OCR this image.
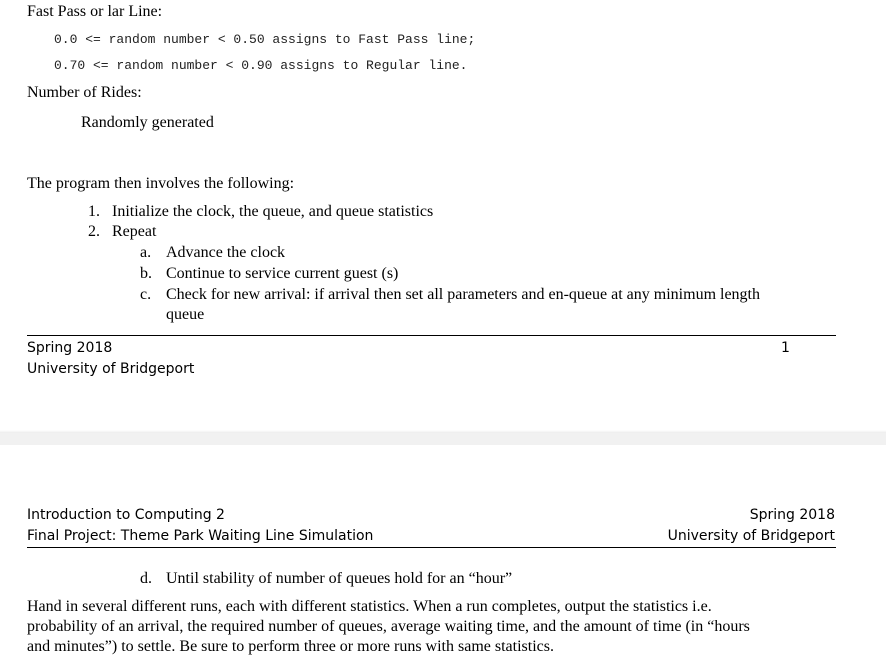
Fast Pass or lar Line:
0.0 <= random number < 0.50 assigns to Fast Pass line;
0.70 <= random number < 0.90 assigns to Regular line.
Number of Rides:
Randomly generated
The program then involves the following:
1. Initialize the clock, the queue, and queue statistics
2. Repeat
a. Advance the clock
b. Continue to service current guest (s)
c. Check for new arrival: if arrival then set all parameters and en-queue at any minimum length
queue
Spring 2018	1
University of Bridgeport
Introduction to Computing 2	Spring 2018
Final Project: Theme Park Waiting Line Simulation	University of Bridgeport
d. Until stability of number of queues hold for an “hour”
Hand in several different runs, each with different statistics. When a run completes, output the statistics i.e.
probability of an arrival, the required number of queues, average waiting time, and the amount of time (in “hours
and minutes”) to settle. Be sure to perform three or more runs with same statistics.
